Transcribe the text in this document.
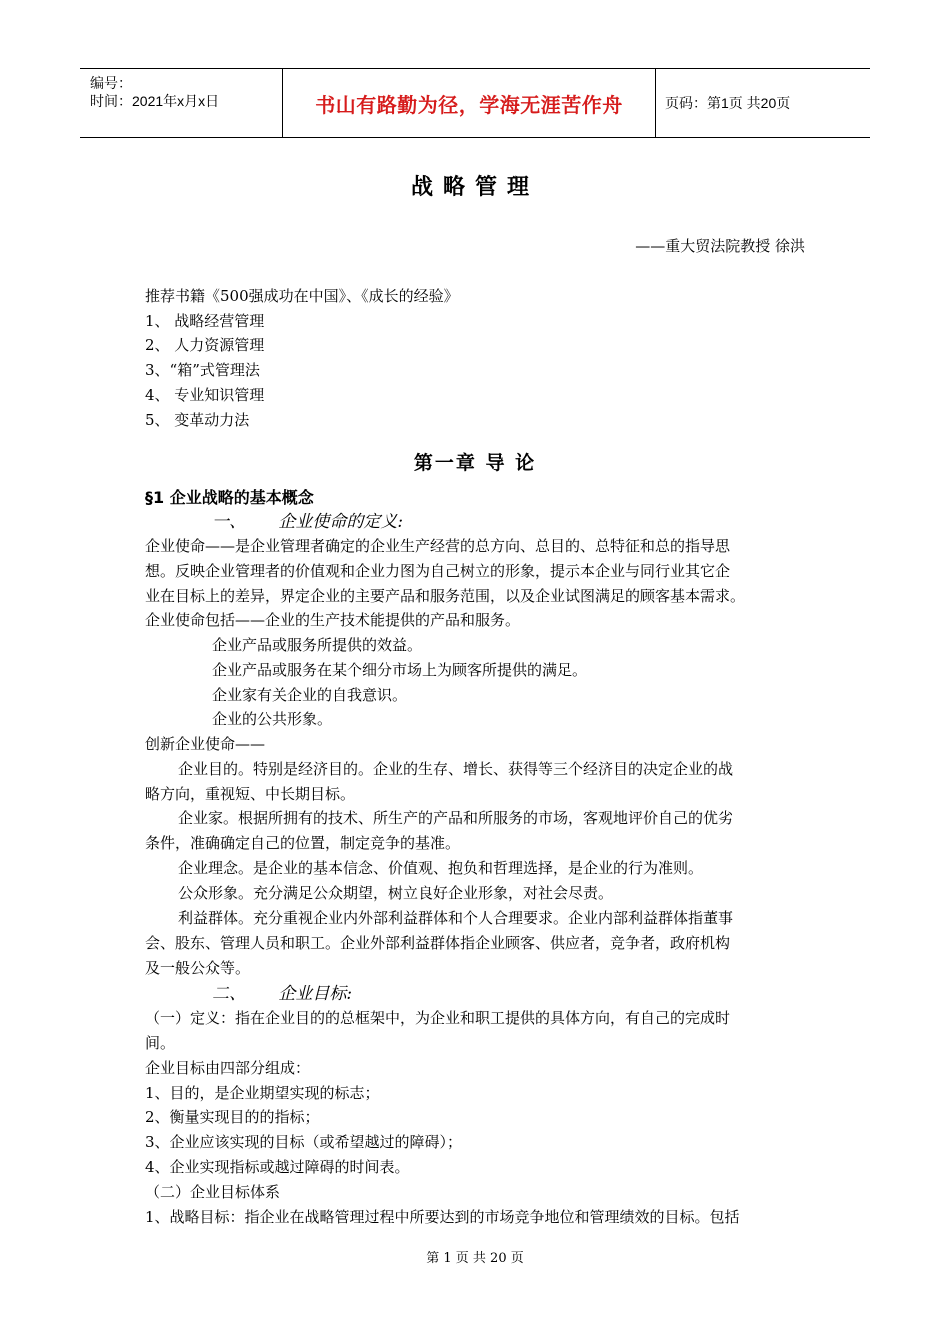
编号：
时间：2021年x月x日	书山有路勤为径，学海无涯苦作舟	页码：第1页 共20页
战略管理
——重大贸法院教授 徐洪
推荐书籍《500强成功在中国》、《成长的经验》
1、 战略经营管理
2、 人力资源管理
3、“箱”式管理法
4、 专业知识管理
5、 变革动力法
第一章 导 论
§1 企业战略的基本概念
一、      企业使命的定义:
企业使命——是企业管理者确定的企业生产经营的总方向、总目的、总特征和总的指导思
想。反映企业管理者的价值观和企业力图为自己树立的形象，提示本企业与同行业其它企
业在目标上的差异，界定企业的主要产品和服务范围，以及企业试图满足的顾客基本需求。
企业使命包括——企业的生产技术能提供的产品和服务。
企业产品或服务所提供的效益。
企业产品或服务在某个细分市场上为顾客所提供的满足。
企业家有关企业的自我意识。
企业的公共形象。
创新企业使命——
企业目的。特别是经济目的。企业的生存、增长、获得等三个经济目的决定企业的战
略方向，重视短、中长期目标。
企业家。根据所拥有的技术、所生产的产品和所服务的市场，客观地评价自己的优劣
条件，准确确定自己的位置，制定竞争的基准。
企业理念。是企业的基本信念、价值观、抱负和哲理选择，是企业的行为准则。
公众形象。充分满足公众期望，树立良好企业形象，对社会尽责。
利益群体。充分重视企业内外部利益群体和个人合理要求。企业内部利益群体指董事
会、股东、管理人员和职工。企业外部利益群体指企业顾客、供应者，竞争者，政府机构
及一般公众等。
二、      企业目标:
（一）定义：指在企业目的的总框架中，为企业和职工提供的具体方向，有自己的完成时
间。
企业目标由四部分组成：
1、目的，是企业期望实现的标志；
2、衡量实现目的的指标；
3、企业应该实现的目标（或希望越过的障碍）；
4、企业实现指标或越过障碍的时间表。
（二）企业目标体系
1、战略目标：指企业在战略管理过程中所要达到的市场竞争地位和管理绩效的目标。包括
第 1 页 共 20 页
